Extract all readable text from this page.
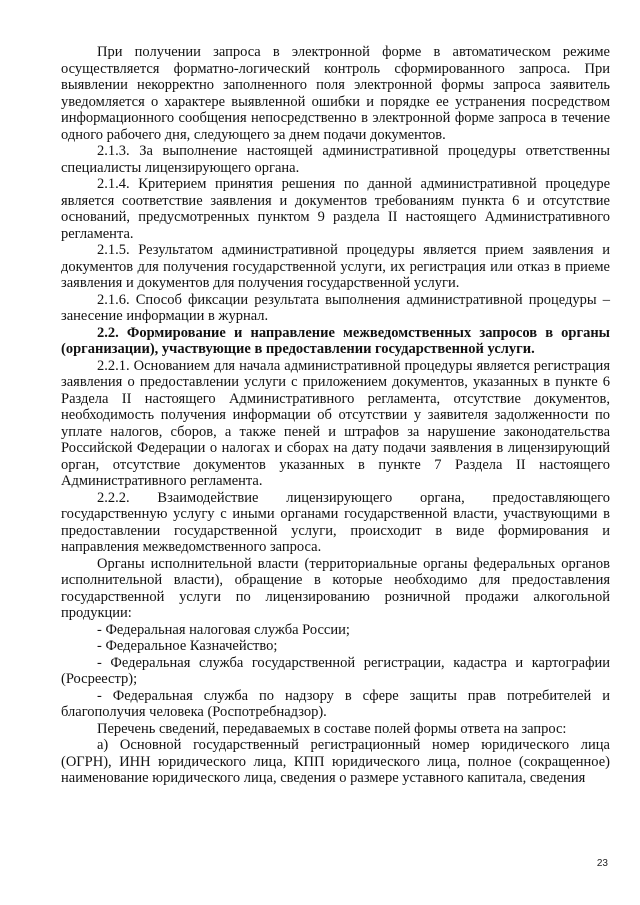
При получении запроса в электронной форме в автоматическом режиме осуществляется форматно-логический контроль сформированного запроса. При выявлении некорректно заполненного поля электронной формы запроса заявитель уведомляется о характере выявленной ошибки и порядке ее устранения посредством информационного сообщения непосредственно в электронной форме запроса в течение одного рабочего дня, следующего за днем подачи документов.

2.1.3. За выполнение настоящей административной процедуры ответственны специалисты лицензирующего органа.

2.1.4. Критерием принятия решения по данной административной процедуре является соответствие заявления и документов требованиям пункта 6 и отсутствие оснований, предусмотренных пунктом 9 раздела II настоящего Административного регламента.

2.1.5. Результатом административной процедуры является прием заявления и документов для получения государственной услуги, их регистрация или отказ в приеме заявления и документов для получения государственной услуги.

2.1.6. Способ фиксации результата выполнения административной процедуры – занесение информации в журнал.

2.2. Формирование и направление межведомственных запросов в органы (организации), участвующие в предоставлении государственной услуги.

2.2.1. Основанием для начала административной процедуры является регистрация заявления о предоставлении услуги с приложением документов, указанных в пункте 6 Раздела II настоящего Административного регламента, отсутствие документов, необходимость получения информации об отсутствии у заявителя задолженности по уплате налогов, сборов, а также пеней и штрафов за нарушение законодательства Российской Федерации о налогах и сборах на дату подачи заявления в лицензирующий орган, отсутствие документов указанных в пункте 7 Раздела II настоящего Административного регламента.

2.2.2. Взаимодействие лицензирующего органа, предоставляющего государственную услугу с иными органами государственной власти, участвующими в предоставлении государственной услуги, происходит в виде формирования и направления межведомственного запроса.

Органы исполнительной власти (территориальные органы федеральных органов исполнительной власти), обращение в которые необходимо для предоставления государственной услуги по лицензированию розничной продажи алкогольной продукции:

- Федеральная налоговая служба России;

- Федеральное Казначейство;

- Федеральная служба государственной регистрации, кадастра и картографии (Росреестр);

- Федеральная служба по надзору в сфере защиты прав потребителей и благополучия человека (Роспотребнадзор).

Перечень сведений, передаваемых в составе полей формы ответа на запрос:

а) Основной государственный регистрационный номер юридического лица (ОГРН), ИНН юридического лица, КПП юридического лица, полное (сокращенное) наименование юридического лица, сведения о размере уставного капитала, сведения

23
